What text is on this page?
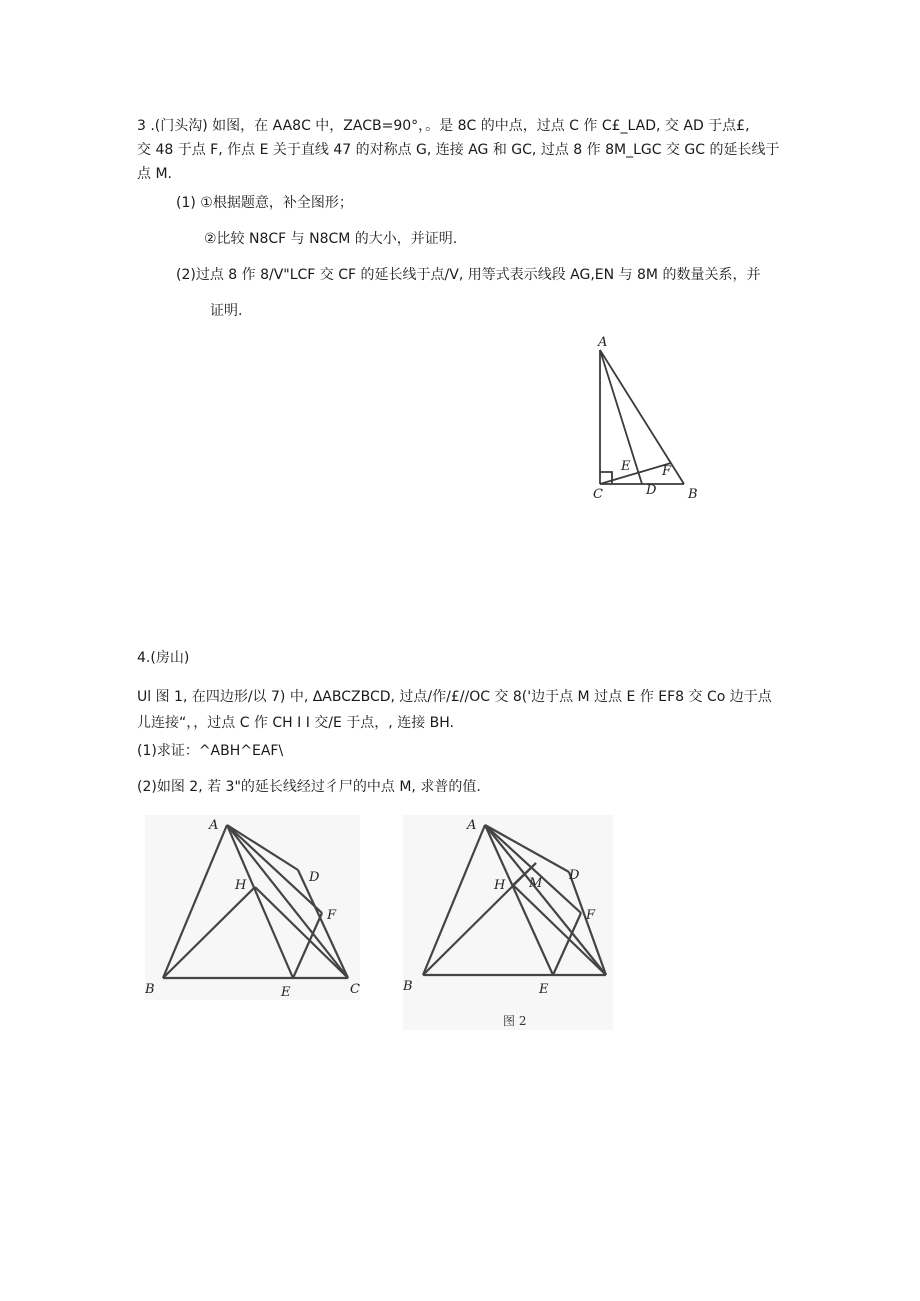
3 .(门头沟) 如图，在 AA8C 中，ZACB=90°，。是 8C 的中点，过点 C 作 C£_LAD, 交 AD 于点£,
交 48 于点 F, 作点 E 关于直线 47 的对称点 G, 连接 AG 和 GC, 过点 8 作 8M_LGC 交 GC 的延长线于
点 M.
(1) ①根据题意，补全图形；
②比较 N8CF 与 N8CM 的大小，并证明.
(2)过点 8 作 8/V"LCF 交 CF 的延长线于点/V, 用等式表示线段 AG,EN 与 8M 的数量关系，并
证明.
A
C	D B
E F
4.(房山)
Ul 图 1, 在四边形/以 7) 中, ΔABCZBCD, 过点/作/£//OC 交 8('边于点 M 过点 E 作 EF8 交 Co 边于点
儿连接“，，过点 C 作 CH I I 交/E 于点，, 连接 BH.
(1)求证：^ABH^EAF\
(2)如图 2, 若 3"的延长线经过彳尸的中点 M, 求普的值.
A
H
D
F
B	E	C
A
H M
D
F
B	E
图 2
